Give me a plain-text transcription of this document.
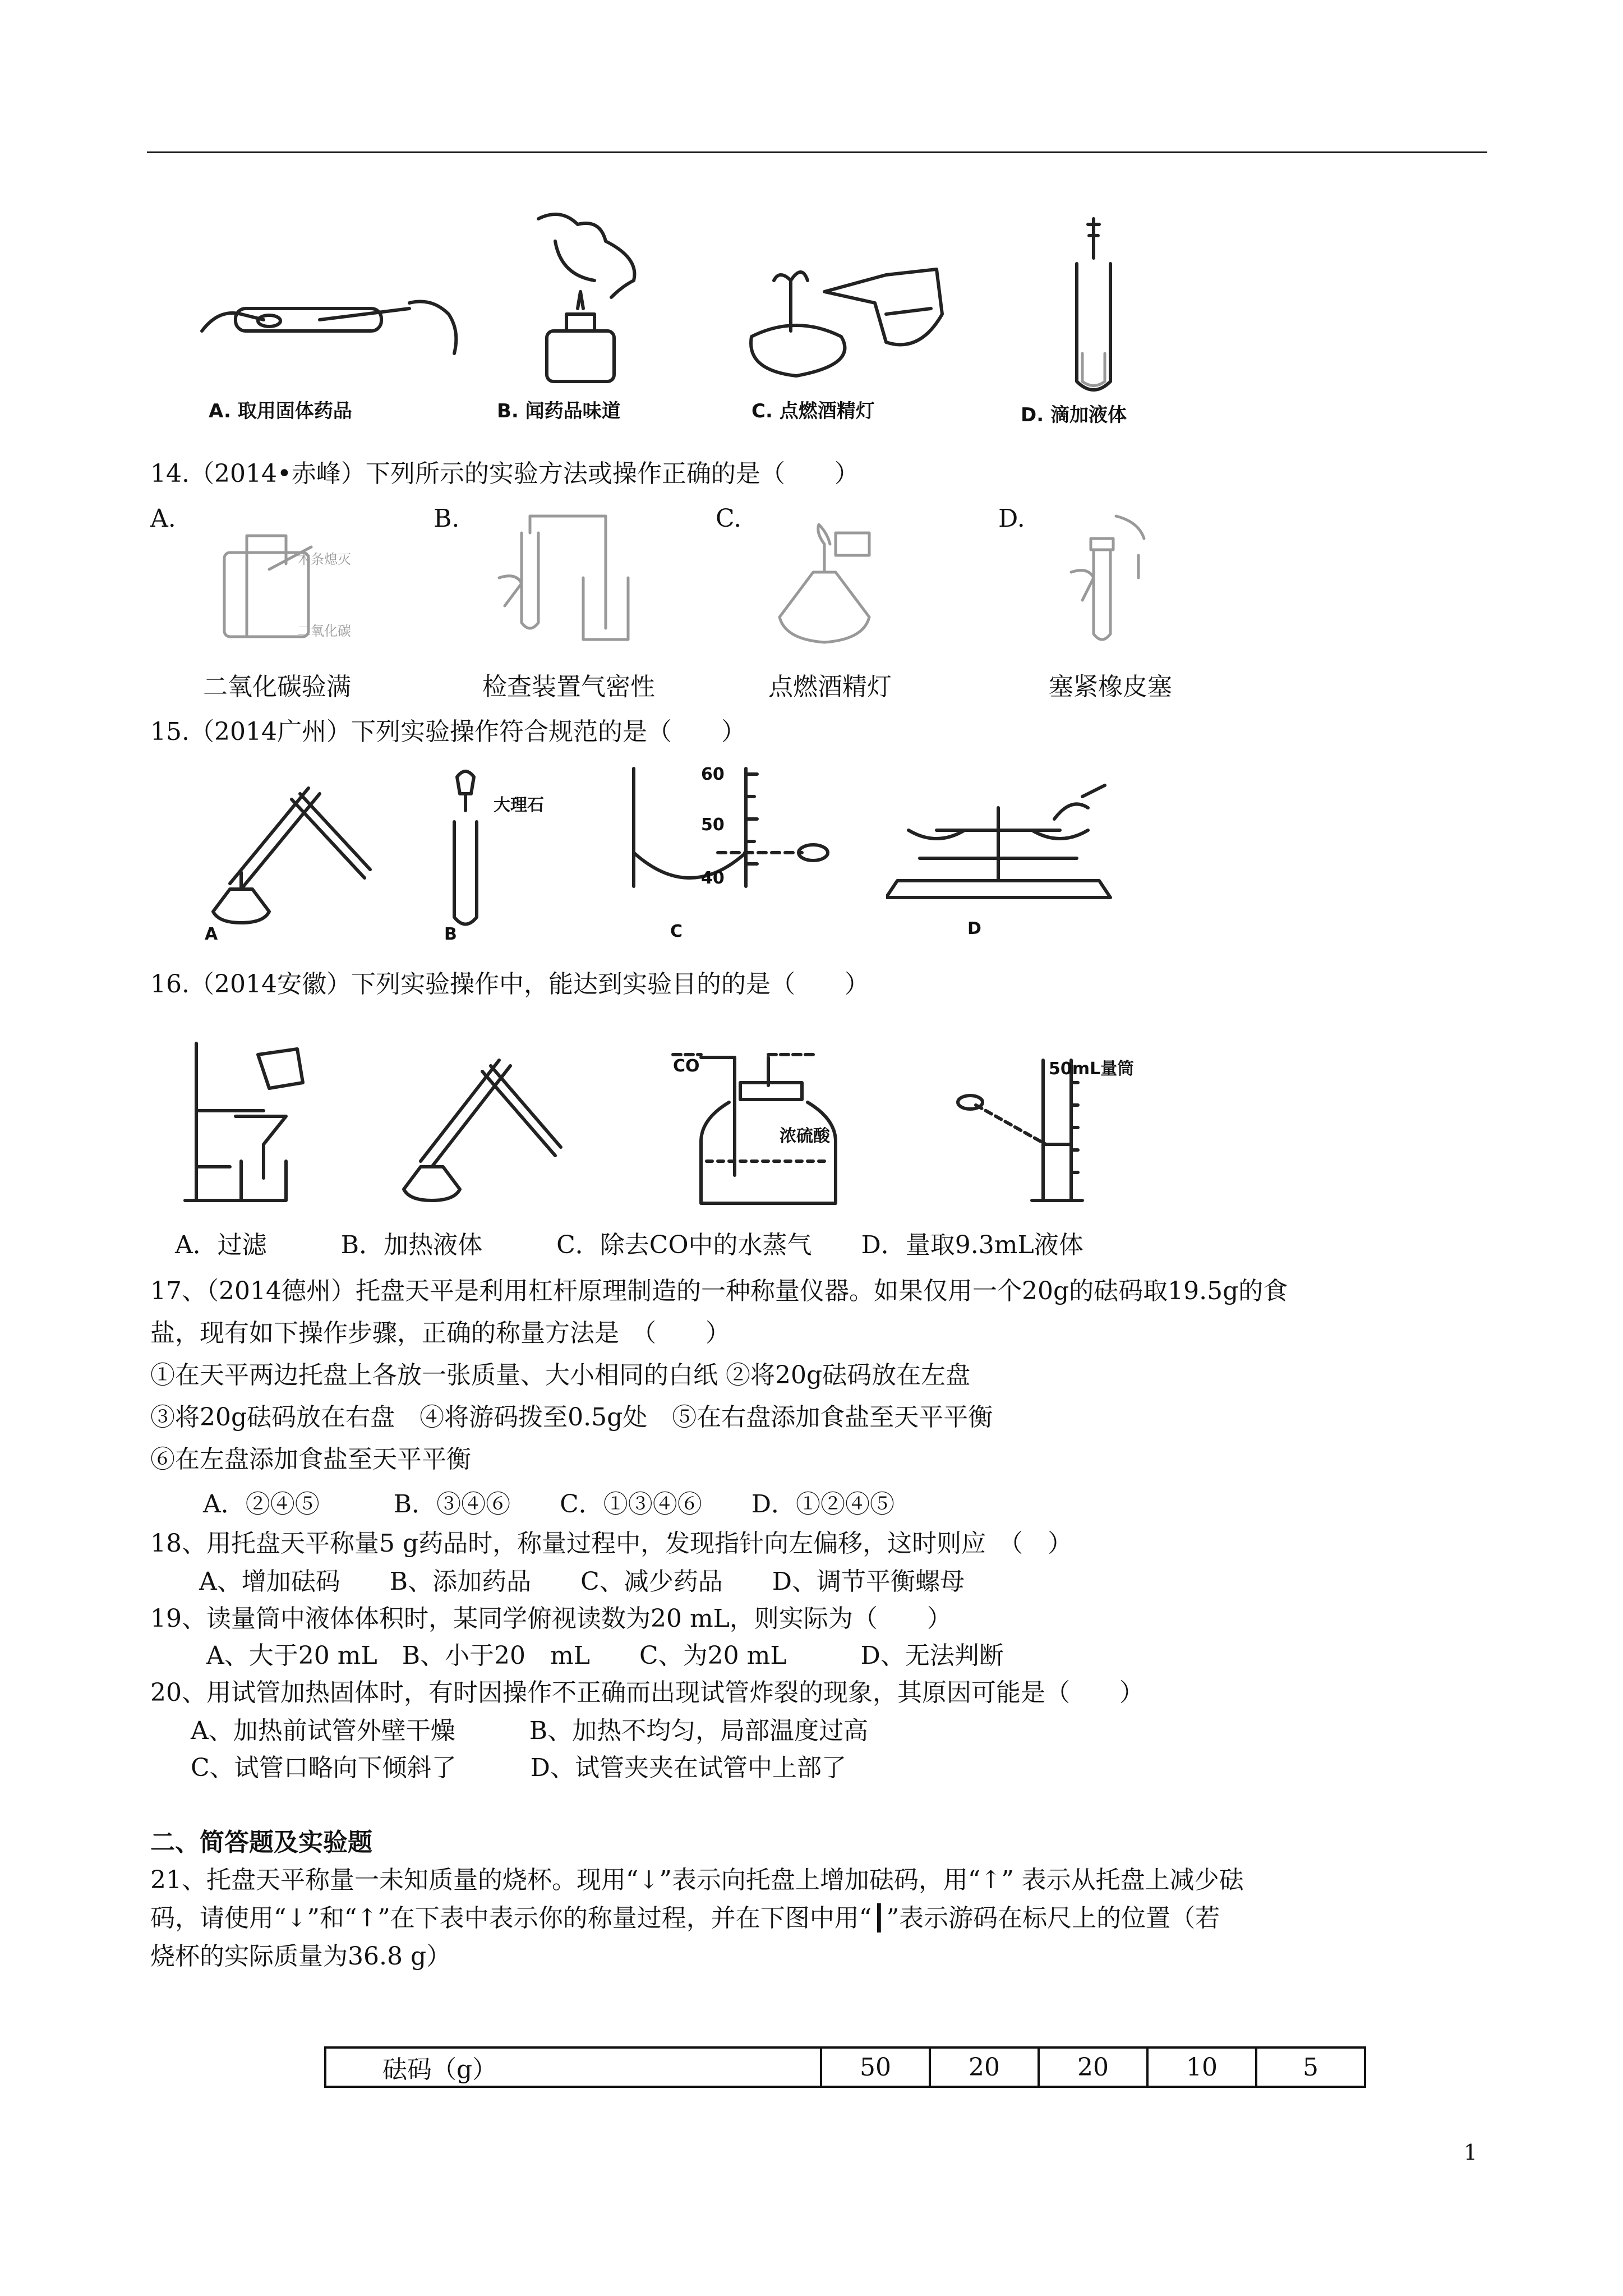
A. 取用固体药品	B. 闻药品味道	C. 点燃酒精灯	D. 滴加液体
14.（2014•赤峰）下列所示的实验方法或操作正确的是（　　）
A.	B.	C.	D.
木条熄灭
二氧化碳
二氧化碳验满	检查装置气密性	点燃酒精灯	塞紧橡皮塞
15.（2014广州）下列实验操作符合规范的是（　　）
A
大理石
B
60
50
40
C	D
16.（2014安徽）下列实验操作中，能达到实验目的的是（　　）
CO
浓硫酸
50mL量筒
A．过滤　　　B．加热液体　　　C．除去CO中的水蒸气　　D．量取9.3mL液体
17、（2014德州）托盘天平是利用杠杆原理制造的一种称量仪器。如果仅用一个20g的砝码取19.5g的食
盐，现有如下操作步骤，正确的称量方法是　（　　）
①在天平两边托盘上各放一张质量、大小相同的白纸 ②将20g砝码放在左盘
③将20g砝码放在右盘　④将游码拨至0.5g处　⑤在右盘添加食盐至天平平衡
⑥在左盘添加食盐至天平平衡
A．②④⑤　　　B．③④⑥　　C．①③④⑥　　D．①②④⑤
18、用托盘天平称量5 g药品时，称量过程中，发现指针向左偏移，这时则应　（　）
A、增加砝码　　B、添加药品　　C、减少药品　　D、调节平衡螺母
19、读量筒中液体体积时，某同学俯视读数为20 mL，则实际为（　　）
A、大于20 mL　B、小于20　mL　　C、为20 mL　　　D、无法判断
20、用试管加热固体时，有时因操作不正确而出现试管炸裂的现象，其原因可能是（　　）
A、加热前试管外壁干燥　　　B、加热不均匀，局部温度过高
C、试管口略向下倾斜了　　　D、试管夹夹在试管中上部了
二、简答题及实验题
21、托盘天平称量一未知质量的烧杯。现用“↓”表示向托盘上增加砝码，用“↑” 表示从托盘上减少砝
码，请使用“↓”和“↑”在下表中表示你的称量过程，并在下图中用“┃”表示游码在标尺上的位置（若
烧杯的实际质量为36.8 g）
砝码（g）	50	20	20	10	5
1
